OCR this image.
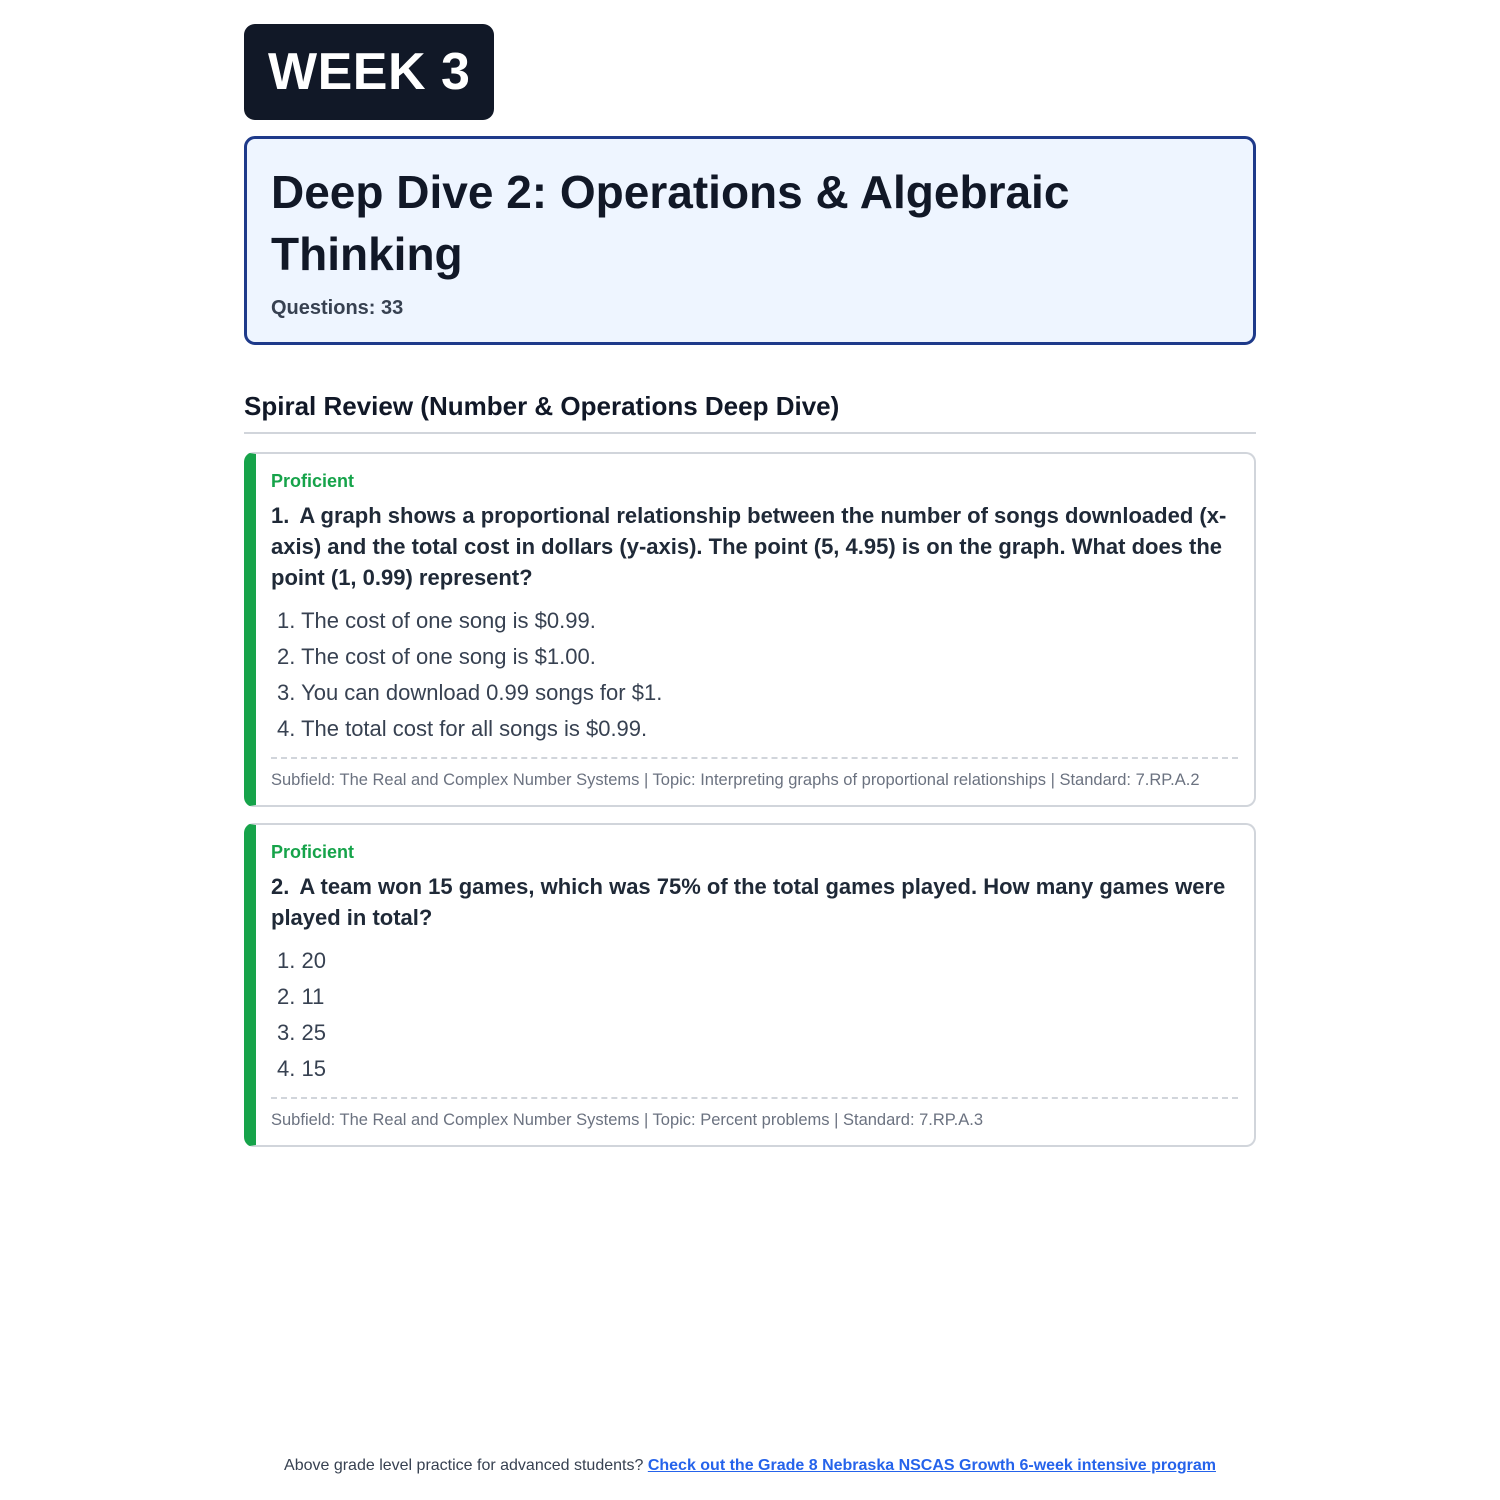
WEEK 3
Deep Dive 2: Operations & Algebraic Thinking
Questions: 33
Spiral Review (Number & Operations Deep Dive)
Proficient
1. A graph shows a proportional relationship between the number of songs downloaded (x-axis) and the total cost in dollars (y-axis). The point (5, 4.95) is on the graph. What does the point (1, 0.99) represent?
1. The cost of one song is $0.99.
2. The cost of one song is $1.00.
3. You can download 0.99 songs for $1.
4. The total cost for all songs is $0.99.
Subfield: The Real and Complex Number Systems | Topic: Interpreting graphs of proportional relationships | Standard: 7.RP.A.2
Proficient
2. A team won 15 games, which was 75% of the total games played. How many games were played in total?
1. 20
2. 11
3. 25
4. 15
Subfield: The Real and Complex Number Systems | Topic: Percent problems | Standard: 7.RP.A.3
Above grade level practice for advanced students? Check out the Grade 8 Nebraska NSCAS Growth 6-week intensive program
